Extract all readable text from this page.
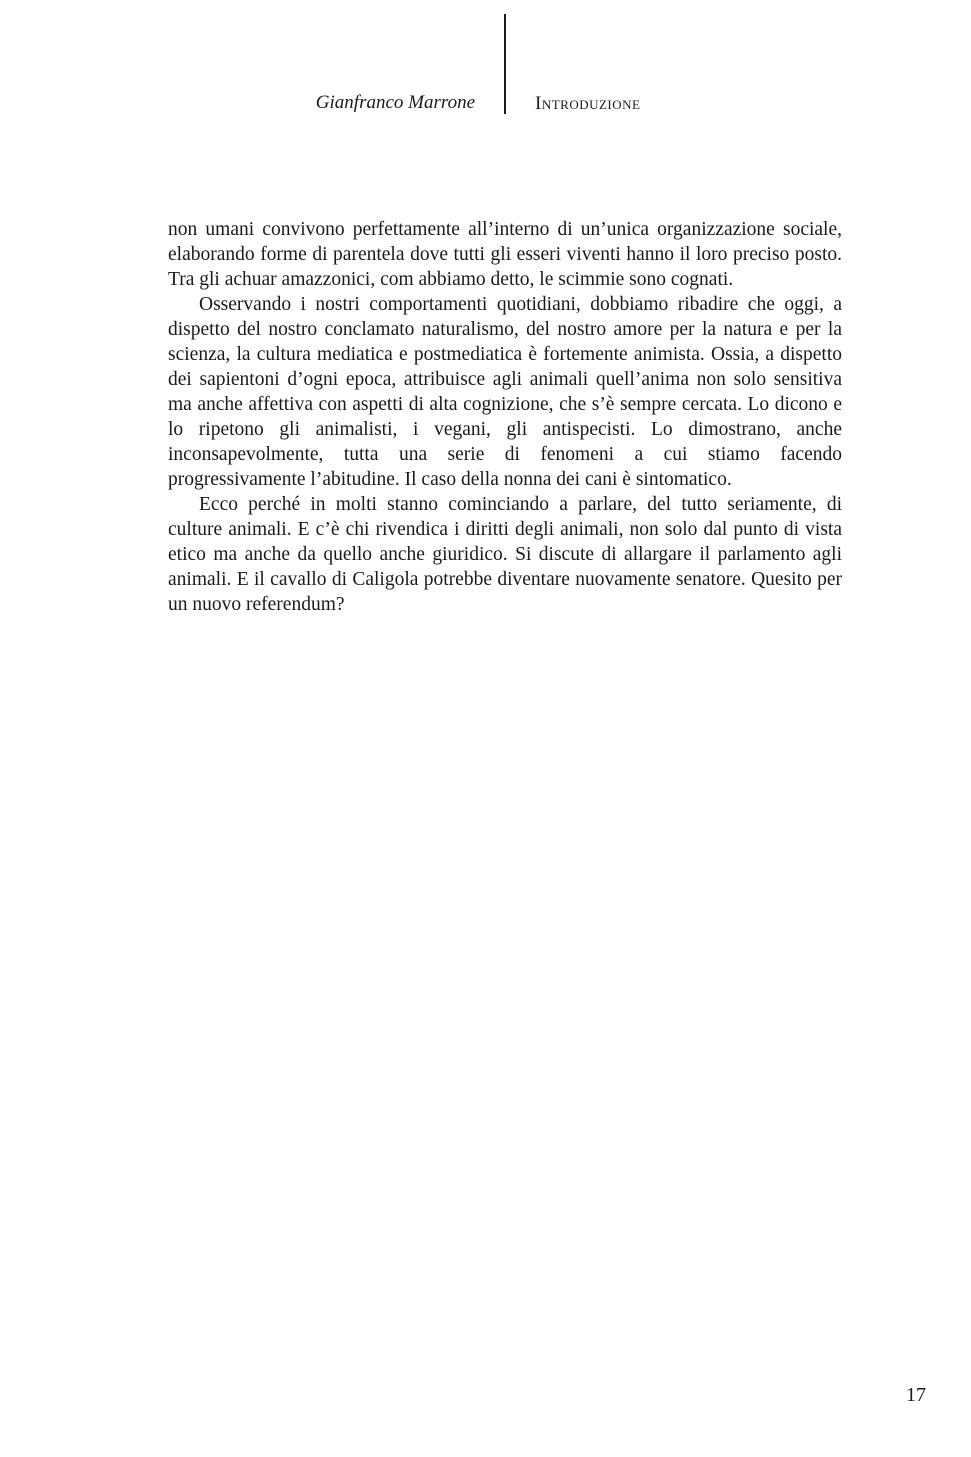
Gianfranco Marrone	Introduzione

non umani convivono perfettamente all’interno di un’unica organizzazione sociale, elaborando forme di parentela dove tutti gli esseri viventi hanno il loro preciso posto. Tra gli achuar amazzonici, com abbiamo detto, le scimmie sono cognati.

Osservando i nostri comportamenti quotidiani, dobbiamo ribadire che oggi, a dispetto del nostro conclamato naturalismo, del nostro amore per la natura e per la scienza, la cultura mediatica e postmediatica è fortemente animista. Ossia, a dispetto dei sapientoni d’ogni epoca, attribuisce agli animali quell’anima non solo sensitiva ma anche affettiva con aspetti di alta cognizione, che s’è sempre cercata. Lo dicono e lo ripetono gli animalisti, i vegani, gli antispecisti. Lo dimostrano, anche inconsapevolmente, tutta una serie di fenomeni a cui stiamo facendo progressivamente l’abitudine. Il caso della nonna dei cani è sintomatico.

Ecco perché in molti stanno cominciando a parlare, del tutto seriamente, di culture animali. E c’è chi rivendica i diritti degli animali, non solo dal punto di vista etico ma anche da quello anche giuridico. Si discute di allargare il parlamento agli animali. E il cavallo di Caligola potrebbe diventare nuovamente senatore. Quesito per un nuovo referendum?

17
